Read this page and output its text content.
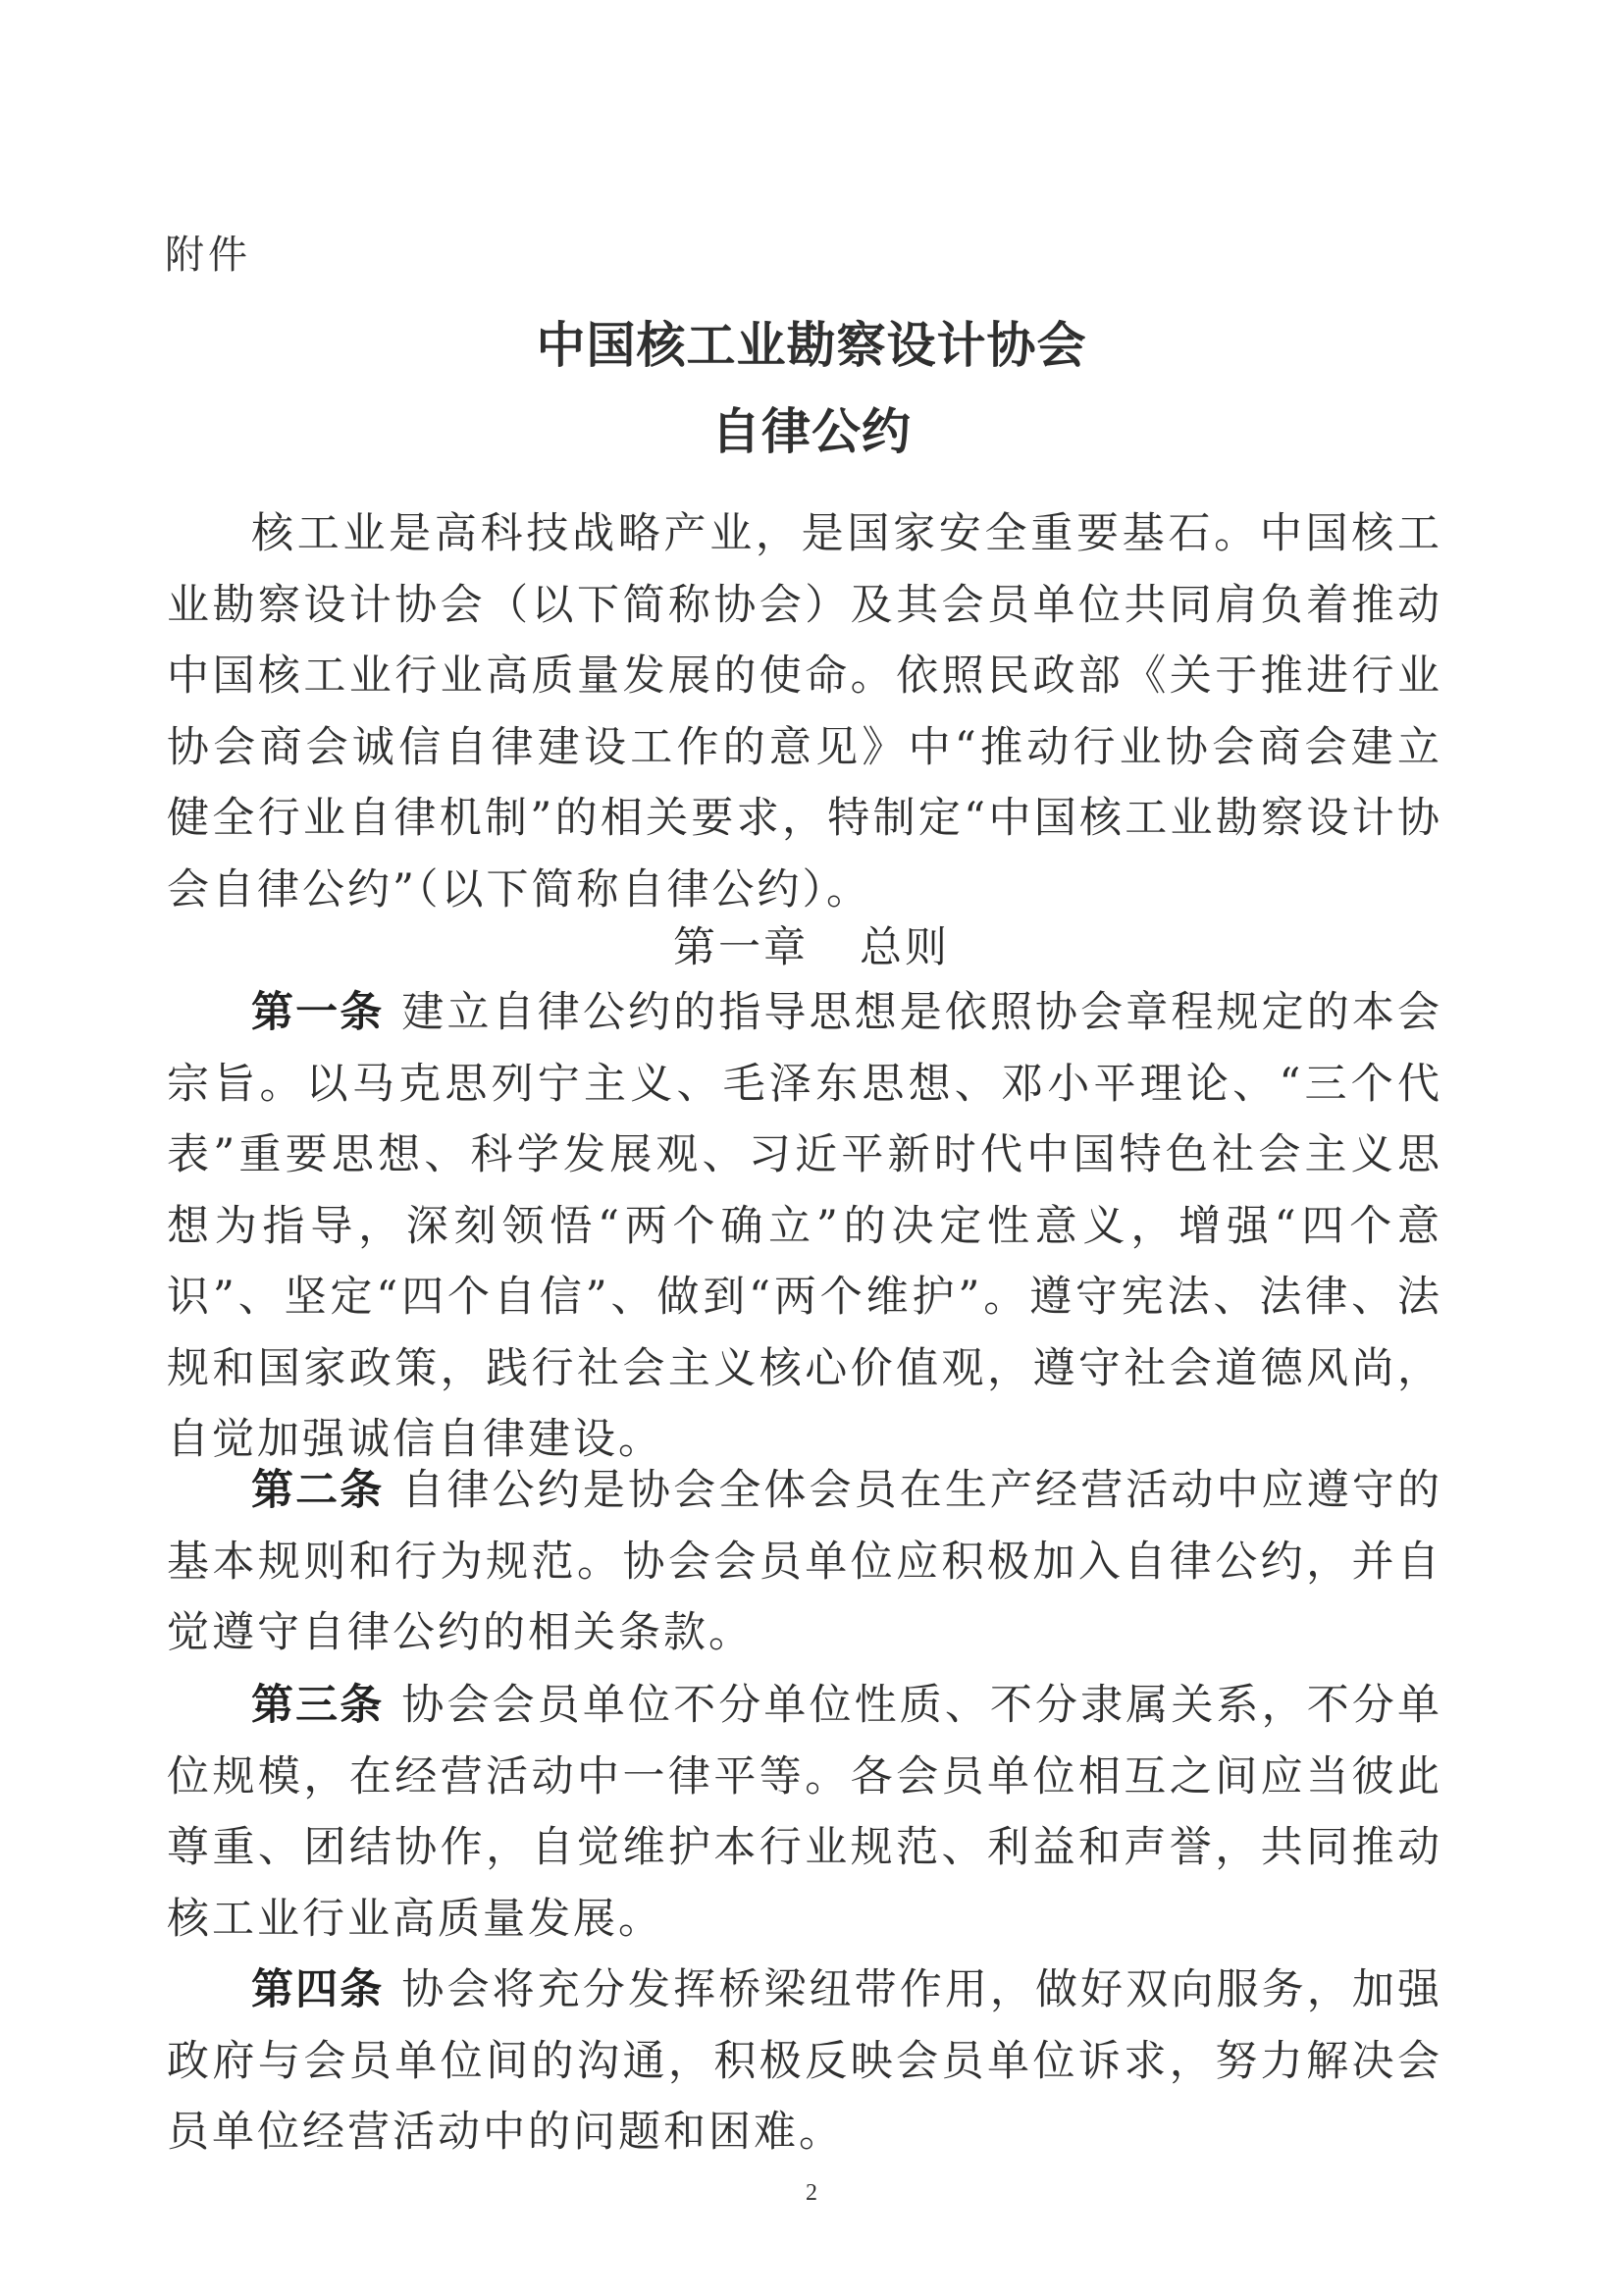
附件
中国核工业勘察设计协会
自律公约

核工业是高科技战略产业，是国家安全重要基石。中国核工业勘察设计协会（以下简称协会）及其会员单位共同肩负着推动中国核工业行业高质量发展的使命。依照民政部《关于推进行业协会商会诚信自律建设工作的意见》中“推动行业协会商会建立健全行业自律机制”的相关要求，特制定“中国核工业勘察设计协会自律公约”（以下简称自律公约）。

第一章 总则

第一条 建立自律公约的指导思想是依照协会章程规定的本会宗旨。以马克思列宁主义、毛泽东思想、邓小平理论、“三个代表”重要思想、科学发展观、习近平新时代中国特色社会主义思想为指导，深刻领悟“两个确立”的决定性意义，增强“四个意识”、坚定“四个自信”、做到“两个维护”。遵守宪法、法律、法规和国家政策，践行社会主义核心价值观，遵守社会道德风尚，自觉加强诚信自律建设。

第二条 自律公约是协会全体会员在生产经营活动中应遵守的基本规则和行为规范。协会会员单位应积极加入自律公约，并自觉遵守自律公约的相关条款。

第三条 协会会员单位不分单位性质、不分隶属关系，不分单位规模，在经营活动中一律平等。各会员单位相互之间应当彼此尊重、团结协作，自觉维护本行业规范、利益和声誉，共同推动核工业行业高质量发展。

第四条 协会将充分发挥桥梁纽带作用，做好双向服务，加强政府与会员单位间的沟通，积极反映会员单位诉求，努力解决会员单位经营活动中的问题和困难。

2
